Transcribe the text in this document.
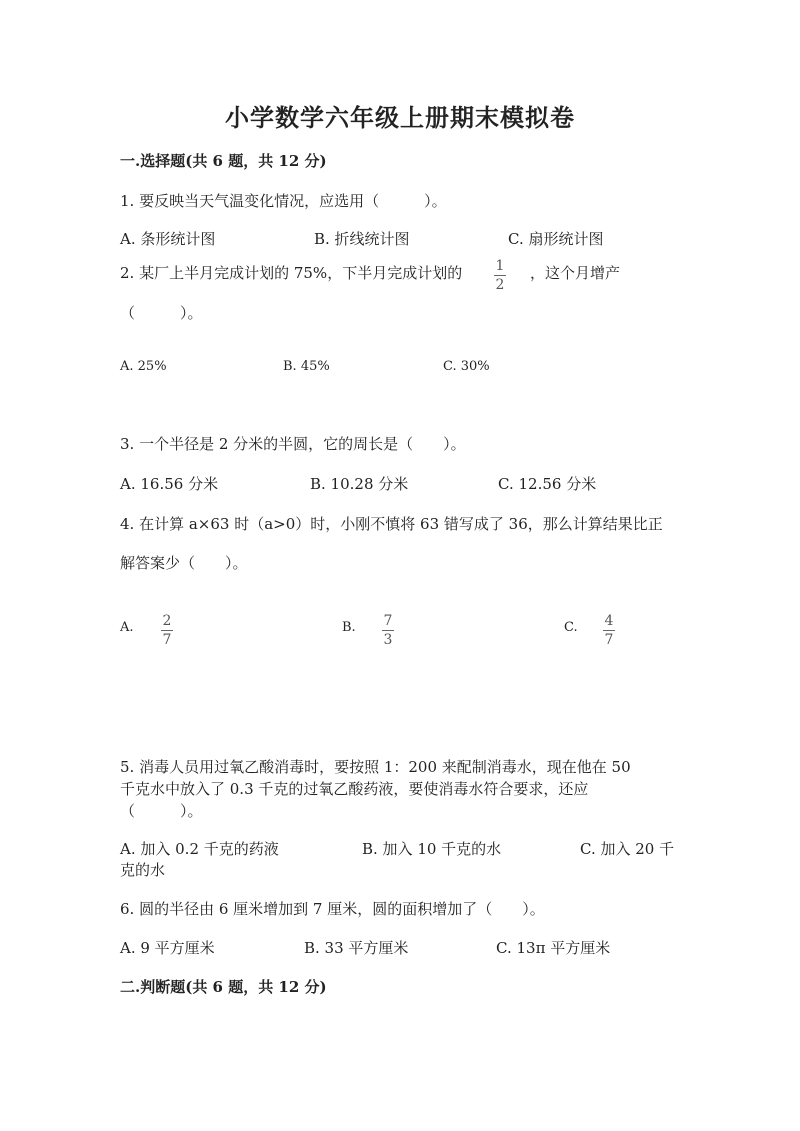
小学数学六年级上册期末模拟卷
一.选择题(共 6 题，共 12 分)
1. 要反映当天气温变化情况，应选用（　　　）。
A. 条形统计图	B. 折线统计图	C. 扇形统计图
2. 某厂上半月完成计划的 75%，下半月完成计划的 1
2
，这个月增产
（　　　）。
A. 25%	B. 45%	C. 30%
3. 一个半径是 2 分米的半圆，它的周长是（　　）。
A. 16.56 分米	B. 10.28 分米	C. 12.56 分米
4. 在计算 a×63 时（a>0）时，小刚不慎将 63 错写成了 36，那么计算结果比正
解答案少（　　）。
A. 2
7
B. 7
3
C. 4
7
5. 消毒人员用过氧乙酸消毒时，要按照 1：200 来配制消毒水，现在他在 50
千克水中放入了 0.3 千克的过氧乙酸药液，要使消毒水符合要求，还应
（　　　）。
A. 加入 0.2 千克的药液	B. 加入 10 千克的水	C. 加入 20 千
克的水
6. 圆的半径由 6 厘米增加到 7 厘米，圆的面积增加了（　　）。
A. 9 平方厘米	B. 33 平方厘米	C. 13π 平方厘米
二.判断题(共 6 题，共 12 分)
